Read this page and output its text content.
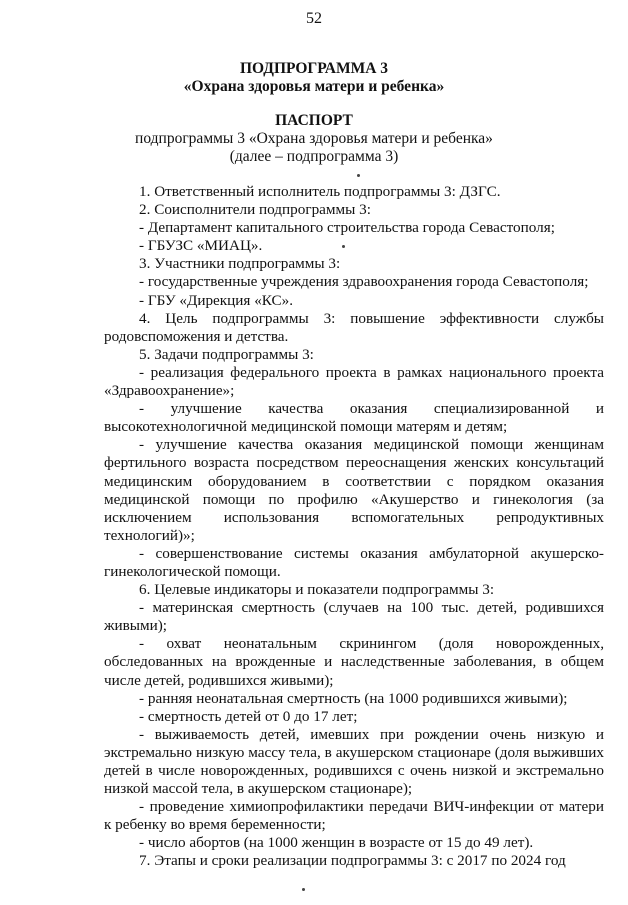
52
ПОДПРОГРАММА 3
«Охрана здоровья матери и ребенка»
ПАСПОРТ
подпрограммы 3 «Охрана здоровья матери и ребенка»
(далее – подпрограмма 3)
1. Ответственный исполнитель подпрограммы 3: ДЗГС.
2. Соисполнители подпрограммы 3:
- Департамент капитального строительства города Севастополя;
- ГБУЗС «МИАЦ».
3. Участники подпрограммы 3:
- государственные учреждения здравоохранения города Севастополя;
- ГБУ «Дирекция «КС».
4. Цель подпрограммы 3: повышение эффективности службы родовспоможения и детства.
5. Задачи подпрограммы 3:
- реализация федерального проекта в рамках национального проекта «Здравоохранение»;
- улучшение качества оказания специализированной и высокотехнологичной медицинской помощи матерям и детям;
- улучшение качества оказания медицинской помощи женщинам фертильного возраста посредством переоснащения женских консультаций медицинским оборудованием в соответствии с порядком оказания медицинской помощи по профилю «Акушерство и гинекология (за исключением использования вспомогательных репродуктивных технологий)»;
- совершенствование системы оказания амбулаторной акушерско-гинекологической помощи.
6. Целевые индикаторы и показатели подпрограммы 3:
- материнская смертность (случаев на 100 тыс. детей, родившихся живыми);
- охват неонатальным скринингом (доля новорожденных, обследованных на врожденные и наследственные заболевания, в общем числе детей, родившихся живыми);
- ранняя неонатальная смертность (на 1000 родившихся живыми);
- смертность детей от 0 до 17 лет;
- выживаемость детей, имевших при рождении очень низкую и экстремально низкую массу тела, в акушерском стационаре (доля выживших детей в числе новорожденных, родившихся с очень низкой и экстремально низкой массой тела, в акушерском стационаре);
- проведение химиопрофилактики передачи ВИЧ-инфекции от матери к ребенку во время беременности;
- число абортов (на 1000 женщин в возрасте от 15 до 49 лет).
7. Этапы и сроки реализации подпрограммы 3: с 2017 по 2024 год
